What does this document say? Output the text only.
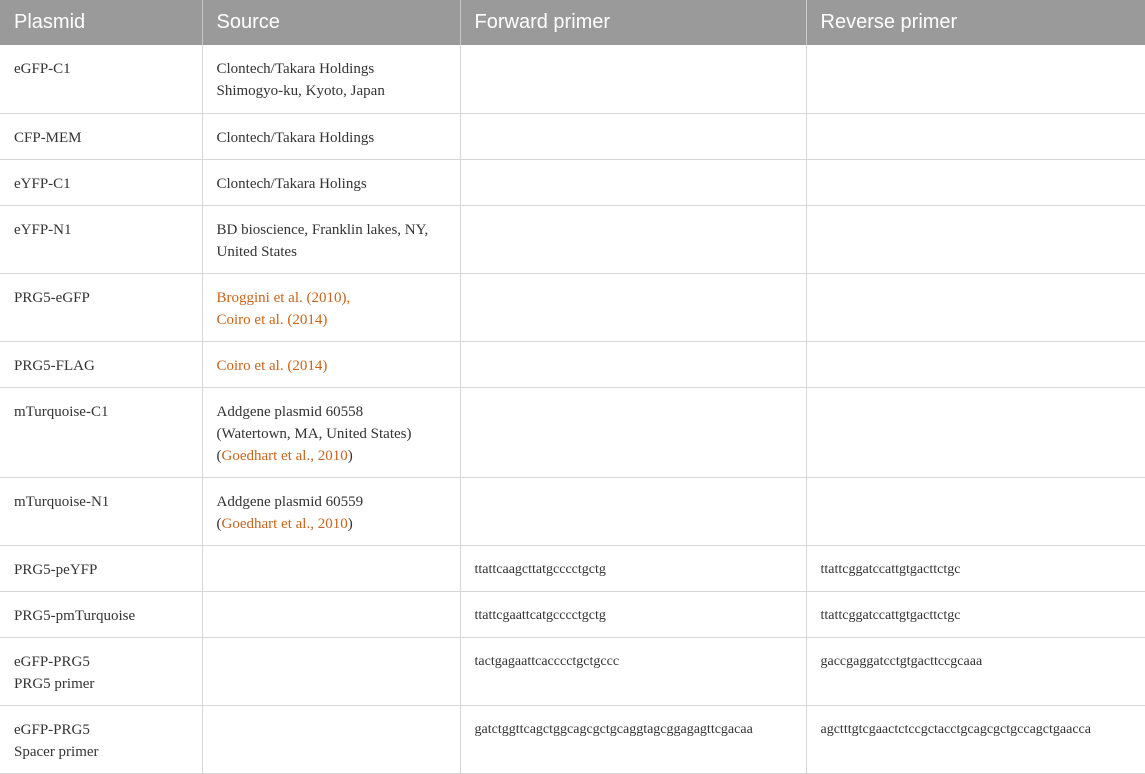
Plasmid	Source	Forward primer	Reverse primer

eGFP-C1	Clontech/Takara Holdings
Shimogyo-ku, Kyoto, Japan		

CFP-MEM	Clontech/Takara Holdings		

eYFP-C1	Clontech/Takara Holings		

eYFP-N1	BD bioscience, Franklin lakes, NY,
United States		

PRG5-eGFP	Broggini et al. (2010),
Coiro et al. (2014)		

PRG5-FLAG	Coiro et al. (2014)		

mTurquoise-C1	Addgene plasmid 60558
(Watertown, MA, United States)
(Goedhart et al., 2010)		

mTurquoise-N1	Addgene plasmid 60559
(Goedhart et al., 2010)		

PRG5-peYFP		ttattcaagcttatgcccctgctg	ttattcggatccattgtgacttctgc

PRG5-pmTurquoise		ttattcgaattcatgcccctgctg	ttattcggatccattgtgacttctgc

eGFP-PRG5
PRG5 primer		tactgagaattcacccctgctgccc	gaccgaggatcctgtgacttccgcaaa

eGFP-PRG5
Spacer primer		gatctggttcagctggcagcgctgcaggtagcggagagttcgacaa	agctttgtcgaactctccgctacctgcagcgctgccagctgaacca
